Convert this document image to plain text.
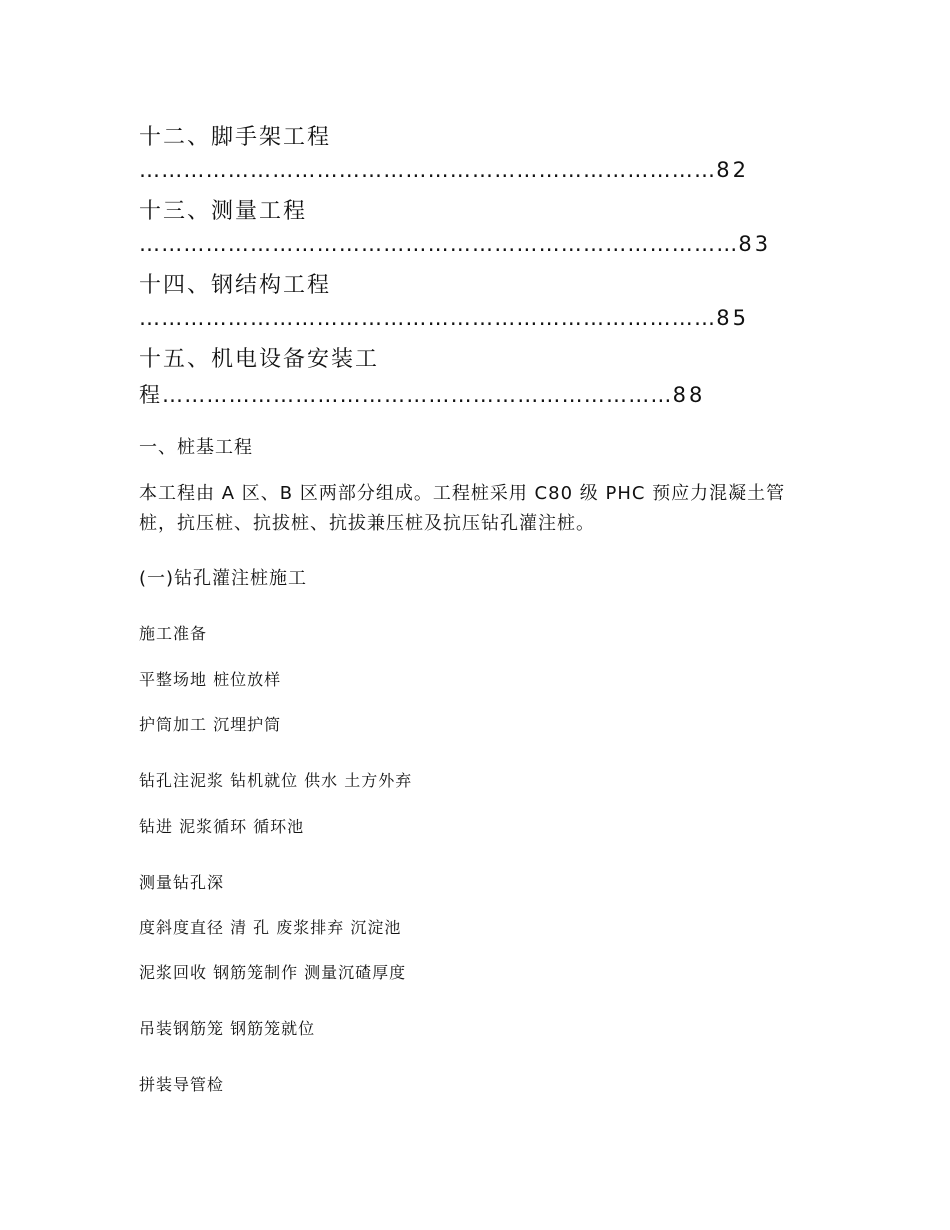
十二、脚手架工程
……………………………………………………………………82
十三、测量工程
………………………………………………………………………83
十四、钢结构工程
……………………………………………………………………85
十五、机电设备安装工
程……………………………………………………………88
一、桩基工程
本工程由 A 区、B 区两部分组成。工程桩采用 C80 级 PHC 预应力混凝土管桩，抗压桩、抗拔桩、抗拔兼压桩及抗压钻孔灌注桩。
(一)钻孔灌注桩施工
施工准备
平整场地 桩位放样
护筒加工 沉埋护筒
钻孔注泥浆 钻机就位 供水 土方外弃
钻进 泥浆循环 循环池
测量钻孔深
度斜度直径 清 孔 废浆排弃 沉淀池
泥浆回收 钢筋笼制作 测量沉碴厚度
吊装钢筋笼 钢筋笼就位
拼装导管检
